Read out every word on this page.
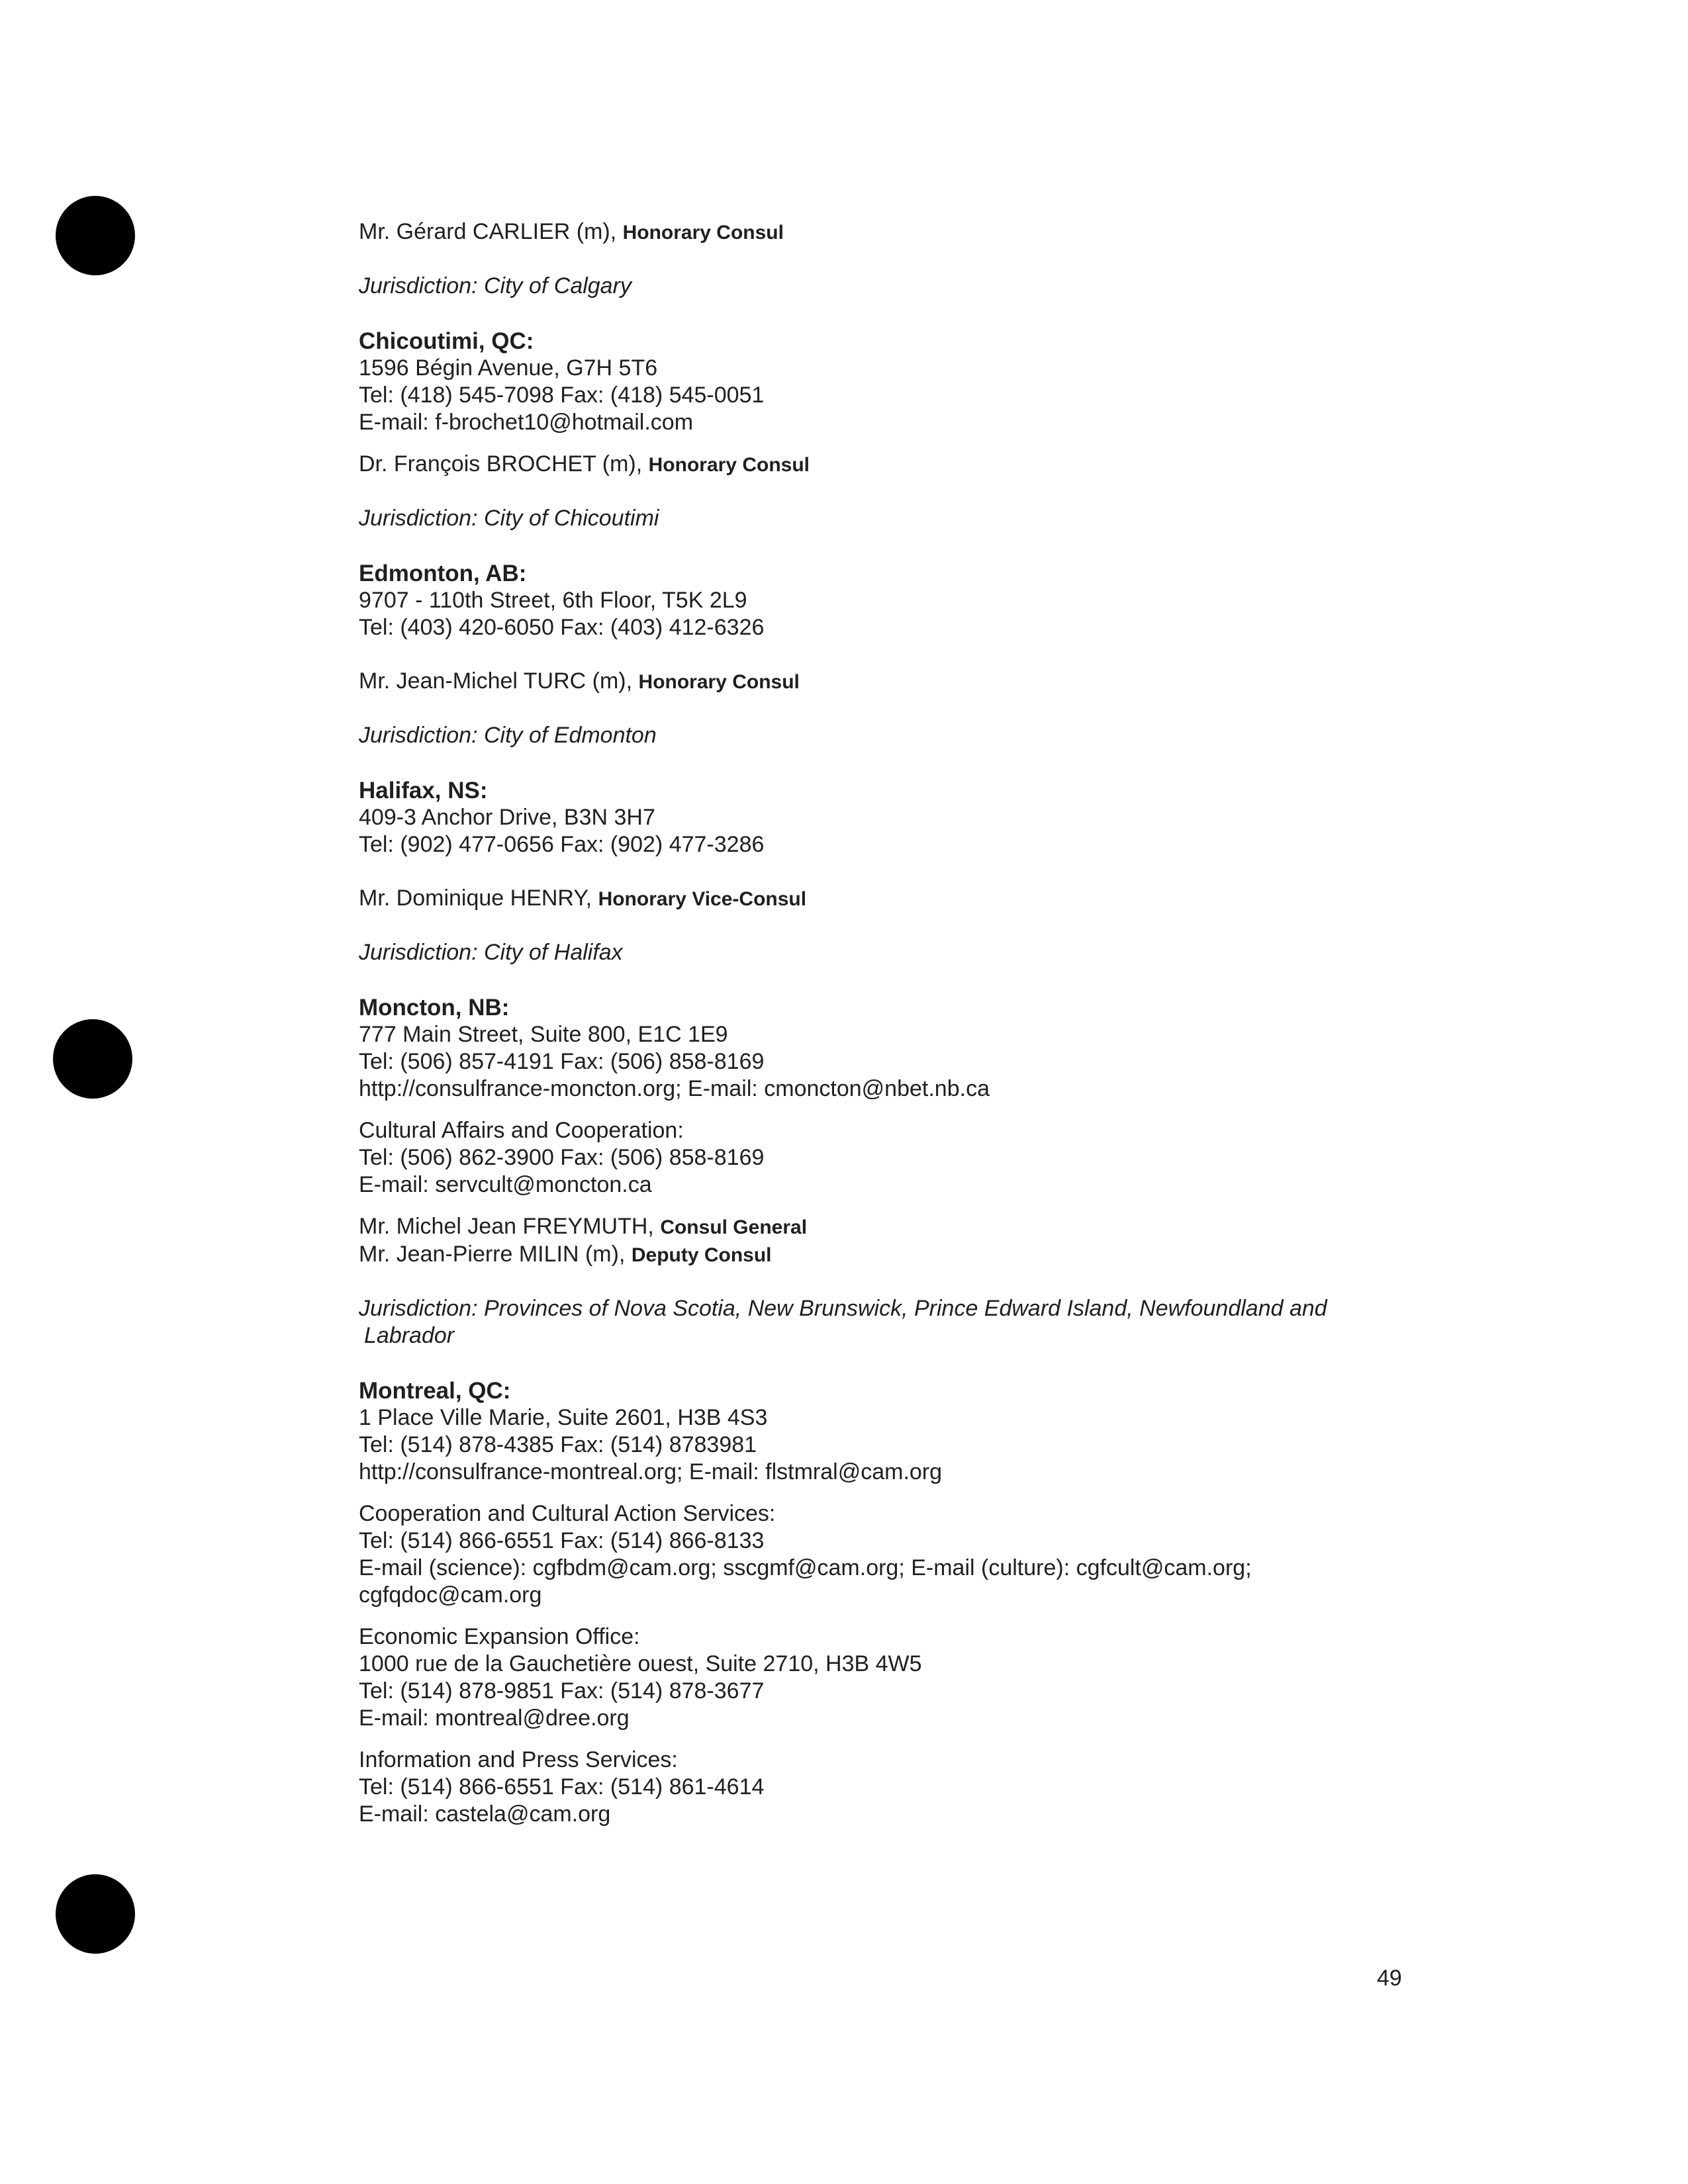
Mr. Gérard CARLIER (m), Honorary Consul
Jurisdiction: City of Calgary
Chicoutimi, QC:
1596 Bégin Avenue, G7H 5T6
Tel: (418) 545-7098 Fax: (418) 545-0051
E-mail: f-brochet10@hotmail.com
Dr. François BROCHET (m), Honorary Consul
Jurisdiction: City of Chicoutimi
Edmonton, AB:
9707 - 110th Street, 6th Floor, T5K 2L9
Tel: (403) 420-6050 Fax: (403) 412-6326
Mr. Jean-Michel TURC (m), Honorary Consul
Jurisdiction: City of Edmonton
Halifax, NS:
409-3 Anchor Drive, B3N 3H7
Tel: (902) 477-0656 Fax: (902) 477-3286
Mr. Dominique HENRY, Honorary Vice-Consul
Jurisdiction: City of Halifax
Moncton, NB:
777 Main Street, Suite 800, E1C 1E9
Tel: (506) 857-4191 Fax: (506) 858-8169
http://consulfrance-moncton.org; E-mail: cmoncton@nbet.nb.ca
Cultural Affairs and Cooperation:
Tel: (506) 862-3900 Fax: (506) 858-8169
E-mail: servcult@moncton.ca
Mr. Michel Jean FREYMUTH, Consul General
Mr. Jean-Pierre MILIN (m), Deputy Consul
Jurisdiction: Provinces of Nova Scotia, New Brunswick, Prince Edward Island, Newfoundland and
Labrador
Montreal, QC:
1 Place Ville Marie, Suite 2601, H3B 4S3
Tel: (514) 878-4385 Fax: (514) 8783981
http://consulfrance-montreal.org; E-mail: flstmral@cam.org
Cooperation and Cultural Action Services:
Tel: (514) 866-6551 Fax: (514) 866-8133
E-mail (science): cgfbdm@cam.org; sscgmf@cam.org; E-mail (culture): cgfcult@cam.org;
cgfqdoc@cam.org
Economic Expansion Office:
1000 rue de la Gauchetière ouest, Suite 2710, H3B 4W5
Tel: (514) 878-9851 Fax: (514) 878-3677
E-mail: montreal@dree.org
Information and Press Services:
Tel: (514) 866-6551 Fax: (514) 861-4614
E-mail: castela@cam.org
49
